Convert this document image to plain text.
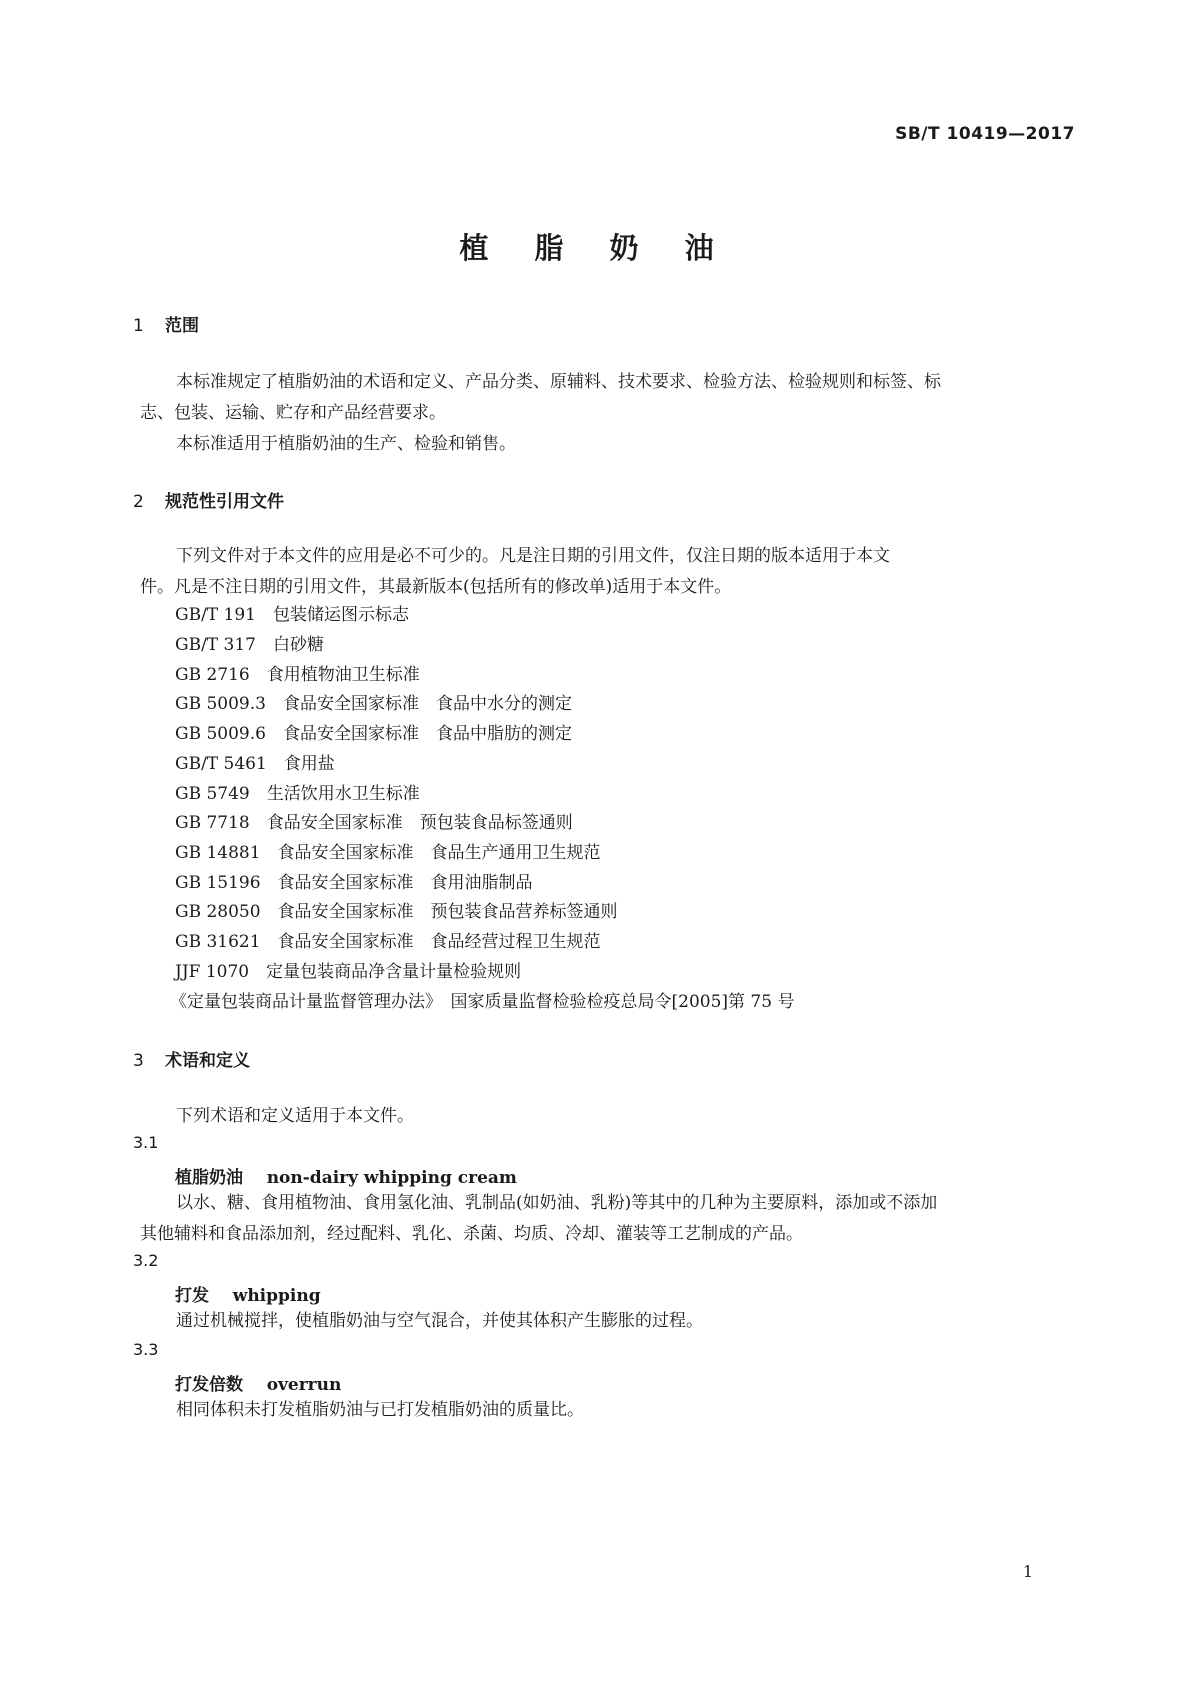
SB/T 10419—2017
植 脂 奶 油
1 范围
本标准规定了植脂奶油的术语和定义、产品分类、原辅料、技术要求、检验方法、检验规则和标签、标
志、包装、运输、贮存和产品经营要求。
本标准适用于植脂奶油的生产、检验和销售。
2 规范性引用文件
下列文件对于本文件的应用是必不可少的。凡是注日期的引用文件，仅注日期的版本适用于本文
件。凡是不注日期的引用文件，其最新版本(包括所有的修改单)适用于本文件。
GB/T 191　包装储运图示标志
GB/T 317　白砂糖
GB 2716　食用植物油卫生标准
GB 5009.3　食品安全国家标准　食品中水分的测定
GB 5009.6　食品安全国家标准　食品中脂肪的测定
GB/T 5461　食用盐
GB 5749　生活饮用水卫生标准
GB 7718　食品安全国家标准　预包装食品标签通则
GB 14881　食品安全国家标准　食品生产通用卫生规范
GB 15196　食品安全国家标准　食用油脂制品
GB 28050　食品安全国家标准　预包装食品营养标签通则
GB 31621　食品安全国家标准　食品经营过程卫生规范
JJF 1070　定量包装商品净含量计量检验规则
《定量包装商品计量监督管理办法》　国家质量监督检验检疫总局令[2005]第 75 号
3 术语和定义
下列术语和定义适用于本文件。
3.1
植脂奶油 non-dairy whipping cream
以水、糖、食用植物油、食用氢化油、乳制品(如奶油、乳粉)等其中的几种为主要原料，添加或不添加
其他辅料和食品添加剂，经过配料、乳化、杀菌、均质、冷却、灌装等工艺制成的产品。
3.2
打发 whipping
通过机械搅拌，使植脂奶油与空气混合，并使其体积产生膨胀的过程。
3.3
打发倍数 overrun
相同体积未打发植脂奶油与已打发植脂奶油的质量比。
1
